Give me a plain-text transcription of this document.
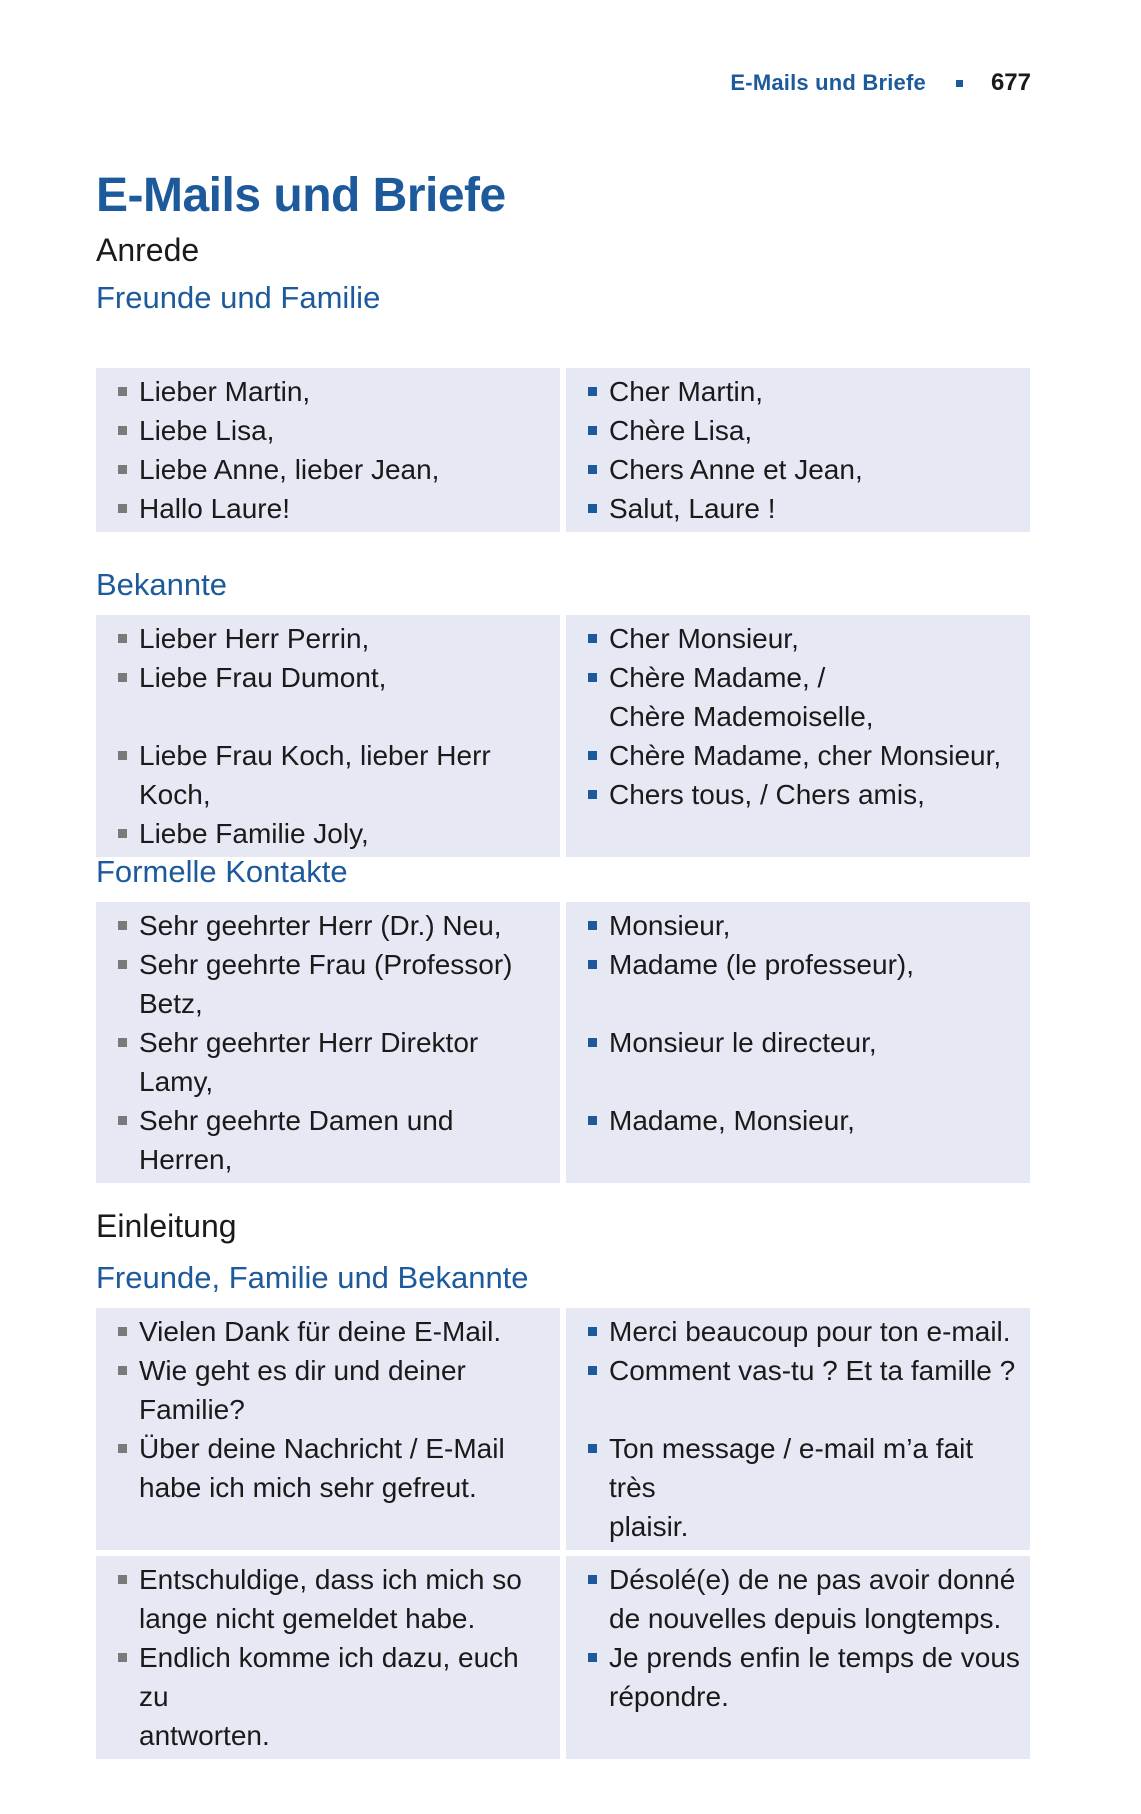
E-Mails und Briefe	677
E-Mails und Briefe
Anrede
Freunde und Familie
Lieber Martin,
Liebe Lisa,
Liebe Anne, lieber Jean,
Hallo Laure!
Cher Martin,
Chère Lisa,
Chers Anne et Jean,
Salut, Laure !
Bekannte
Lieber Herr Perrin,
Liebe Frau Dumont,
Liebe Frau Koch, lieber Herr Koch,
Liebe Familie Joly,
Cher Monsieur,
Chère Madame, /
Chère Mademoiselle,
Chère Madame, cher Monsieur,
Chers tous, / Chers amis,
Formelle Kontakte
Sehr geehrter Herr (Dr.) Neu,
Sehr geehrte Frau (Professor)
Betz,
Sehr geehrter Herr Direktor
Lamy,
Sehr geehrte Damen und Herren,
Monsieur,
Madame (le professeur),
Monsieur le directeur,
Madame, Monsieur,
Einleitung
Freunde, Familie und Bekannte
Vielen Dank für deine E-Mail.
Wie geht es dir und deiner
Familie?
Über deine Nachricht / E-Mail
habe ich mich sehr gefreut.
Merci beaucoup pour ton e-mail.
Comment vas-tu ? Et ta famille ?
Ton message / e-mail m’a fait très
plaisir.
Entschuldige, dass ich mich so
lange nicht gemeldet habe.
Endlich komme ich dazu, euch zu
antworten.
Désolé(e) de ne pas avoir donné
de nouvelles depuis longtemps.
Je prends enfin le temps de vous
répondre.
